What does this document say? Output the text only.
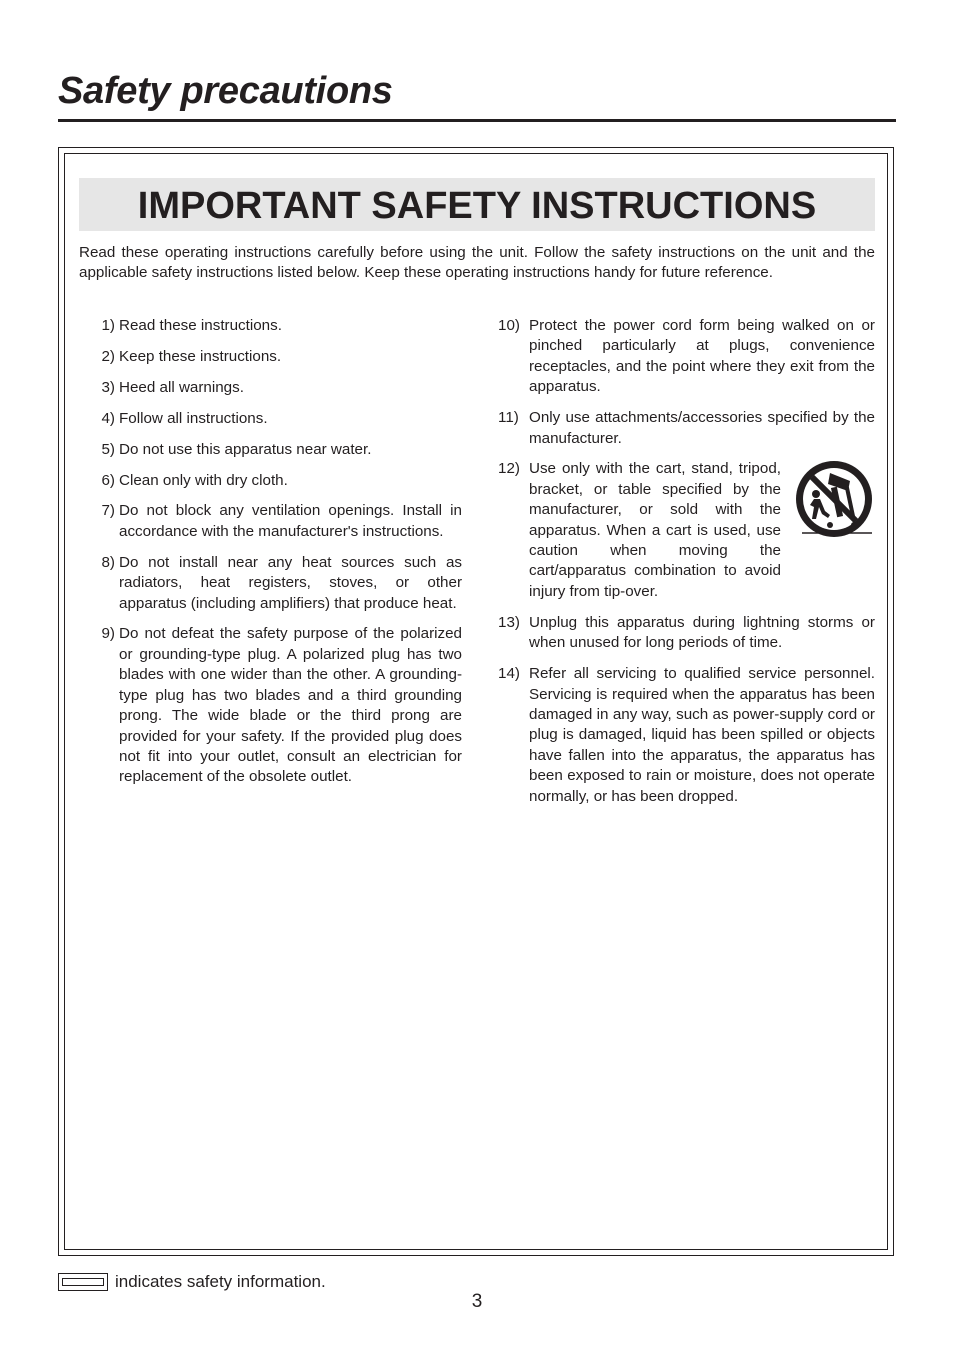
Safety precautions
IMPORTANT SAFETY INSTRUCTIONS

Read these operating instructions carefully before using the unit. Follow the safety instructions on the unit and the applicable safety instructions listed below. Keep these operating instructions handy for future reference.

1) Read these instructions.
2) Keep these instructions.
3) Heed all warnings.
4) Follow all instructions.
5) Do not use this apparatus near water.
6) Clean only with dry cloth.
7) Do not block any ventilation openings. Install in accordance with the manufacturer's instructions.
8) Do not install near any heat sources such as radiators, heat registers, stoves, or other apparatus (including amplifiers) that produce heat.
9) Do not defeat the safety purpose of the polarized or grounding-type plug. A polarized plug has two blades with one wider than the other. A grounding-type plug has two blades and a third grounding prong. The wide blade or the third prong are provided for your safety. If the provided plug does not fit into your outlet, consult an electrician for replacement of the obsolete outlet.
10) Protect the power cord form being walked on or pinched particularly at plugs, convenience receptacles, and the point where they exit from the apparatus.
11) Only use attachments/accessories specified by the manufacturer.
12) Use only with the cart, stand, tripod, bracket, or table specified by the manufacturer, or sold with the apparatus. When a cart is used, use caution when moving the cart/apparatus combination to avoid injury from tip-over.
13) Unplug this apparatus during lightning storms or when unused for long periods of time.
14) Refer all servicing to qualified service personnel. Servicing is required when the apparatus has been damaged in any way, such as power-supply cord or plug is damaged, liquid has been spilled or objects have fallen into the apparatus, the apparatus has been exposed to rain or moisture, does not operate normally, or has been dropped.
indicates safety information.
3
